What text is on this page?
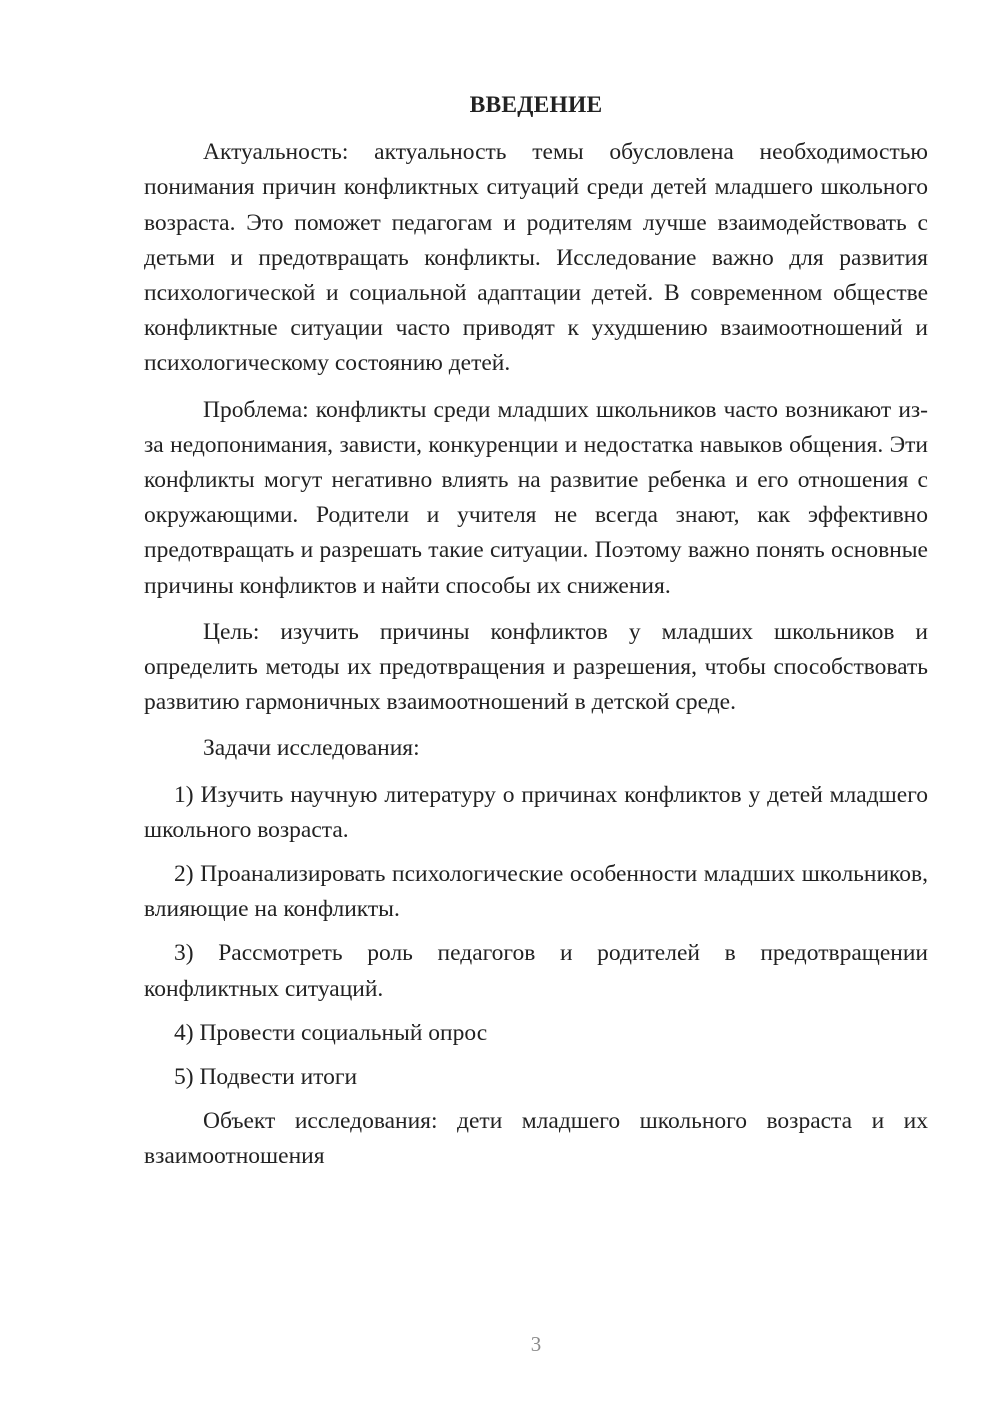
ВВЕДЕНИЕ

Актуальность: актуальность темы обусловлена необходимостью понимания причин конфликтных ситуаций среди детей младшего школьного возраста. Это поможет педагогам и родителям лучше взаимодействовать с детьми и предотвращать конфликты. Исследование важно для развития психологической и социальной адаптации детей. В современном обществе конфликтные ситуации часто приводят к ухудшению взаимоотношений и психологическому состоянию детей.

Проблема: конфликты среди младших школьников часто возникают из-за недопонимания, зависти, конкуренции и недостатка навыков общения. Эти конфликты могут негативно влиять на развитие ребенка и его отношения с окружающими. Родители и учителя не всегда знают, как эффективно предотвращать и разрешать такие ситуации. Поэтому важно понять основные причины конфликтов и найти способы их снижения.

Цель: изучить причины конфликтов у младших школьников и определить методы их предотвращения и разрешения, чтобы способствовать развитию гармоничных взаимоотношений в детской среде.

Задачи исследования:

1) Изучить научную литературу о причинах конфликтов у детей младшего школьного возраста.

2) Проанализировать психологические особенности младших школьников, влияющие на конфликты.

3) Рассмотреть роль педагогов и родителей в предотвращении конфликтных ситуаций.

4) Провести социальный опрос

5) Подвести итоги

Объект исследования: дети младшего школьного возраста и их взаимоотношения

3
